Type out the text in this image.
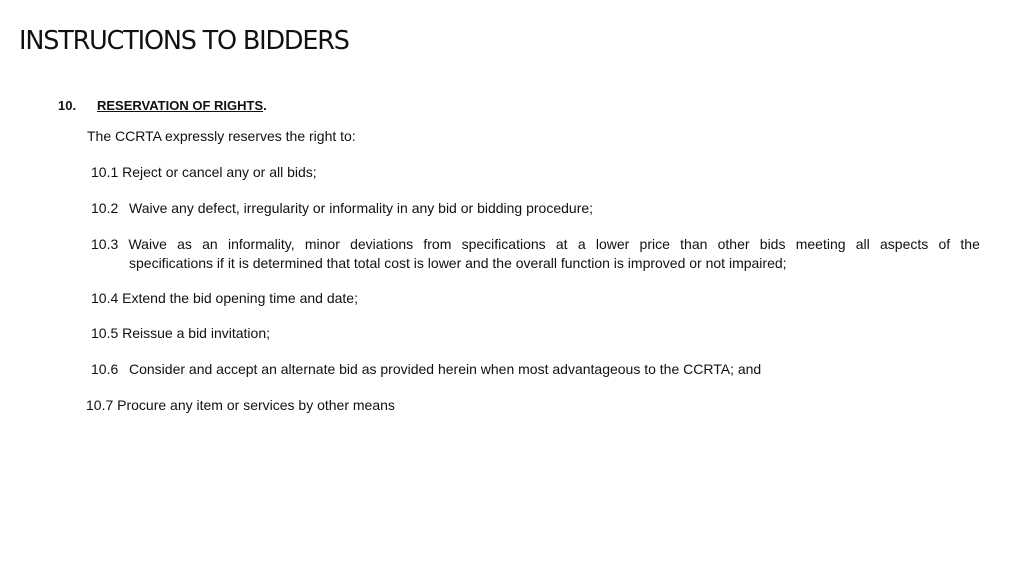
INSTRUCTIONS TO BIDDERS
10. RESERVATION OF RIGHTS.
The CCRTA expressly reserves the right to:
10.1 Reject or cancel any or all bids;
10.2 Waive any defect, irregularity or informality in any bid or bidding procedure;
10.3 Waive as an informality, minor deviations from specifications at a lower price than other bids meeting all aspects of the
specifications if it is determined that total cost is lower and the overall function is improved or not impaired;
10.4 Extend the bid opening time and date;
10.5 Reissue a bid invitation;
10.6 Consider and accept an alternate bid as provided herein when most advantageous to the CCRTA; and
10.7 Procure any item or services by other means
